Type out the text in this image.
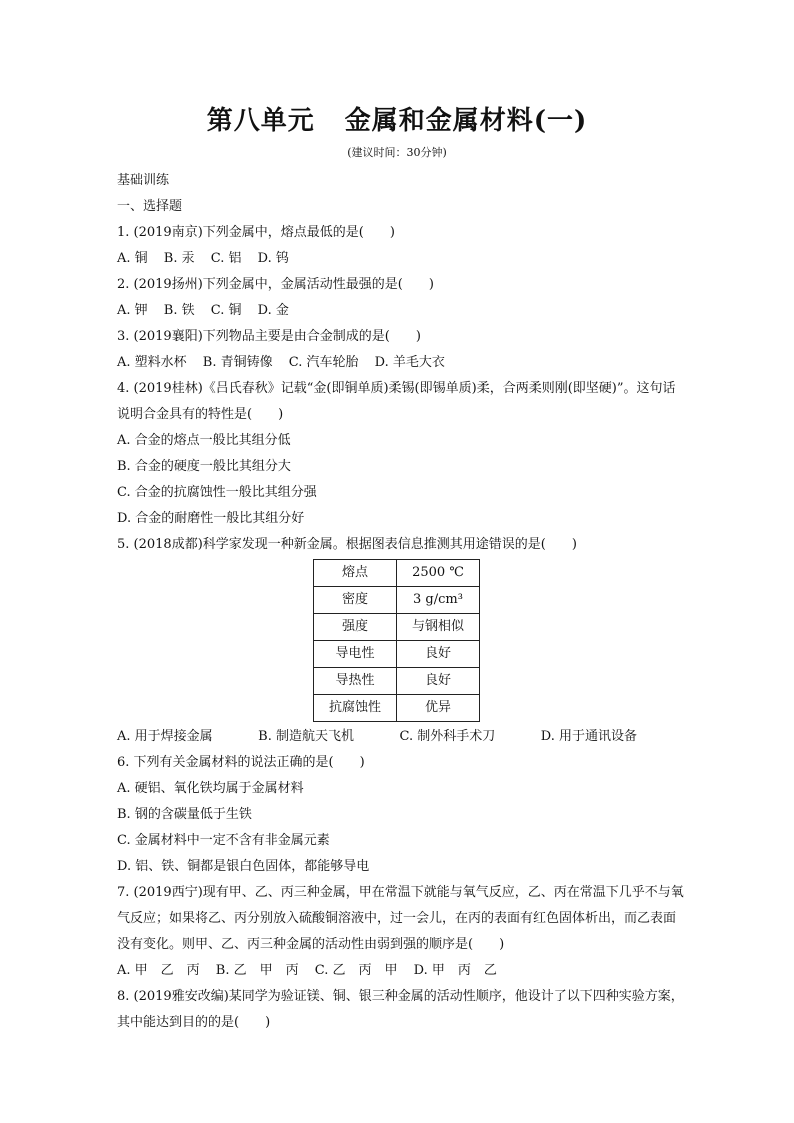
第八单元 金属和金属材料(一)
(建议时间：30分钟)
基础训练
一、选择题
1. (2019南京)下列金属中，熔点最低的是(　　)
A. 铜 B. 汞 C. 铝 D. 钨
2. (2019扬州)下列金属中，金属活动性最强的是(　　)
A. 钾 B. 铁 C. 铜 D. 金
3. (2019襄阳)下列物品主要是由合金制成的是(　　)
A. 塑料水杯 B. 青铜铸像 C. 汽车轮胎 D. 羊毛大衣
4. (2019桂林)《吕氏春秋》记载“金(即铜单质)柔锡(即锡单质)柔，合两柔则刚(即坚硬)”。这句话说明合金具有的特性是(　　)
A. 合金的熔点一般比其组分低
B. 合金的硬度一般比其组分大
C. 合金的抗腐蚀性一般比其组分强
D. 合金的耐磨性一般比其组分好
5. (2018成都)科学家发现一种新金属。根据图表信息推测其用途错误的是(　　)
熔点	2500 ℃
密度	3 g/cm³
强度	与钢相似
导电性	良好
导热性	良好
抗腐蚀性	优异
A. 用于焊接金属	B. 制造航天飞机	C. 制外科手术刀	D. 用于通讯设备
6. 下列有关金属材料的说法正确的是(　　)
A. 硬铝、氧化铁均属于金属材料
B. 钢的含碳量低于生铁
C. 金属材料中一定不含有非金属元素
D. 铝、铁、铜都是银白色固体，都能够导电
7. (2019西宁)现有甲、乙、丙三种金属，甲在常温下就能与氧气反应，乙、丙在常温下几乎不与氧气反应；如果将乙、丙分别放入硫酸铜溶液中，过一会儿，在丙的表面有红色固体析出，而乙表面没有变化。则甲、乙、丙三种金属的活动性由弱到强的顺序是(　　)
A. 甲　乙　丙 B. 乙　甲　丙 C. 乙　丙　甲 D. 甲　丙　乙
8. (2019雅安改编)某同学为验证镁、铜、银三种金属的活动性顺序，他设计了以下四种实验方案，其中能达到目的的是(　　)
